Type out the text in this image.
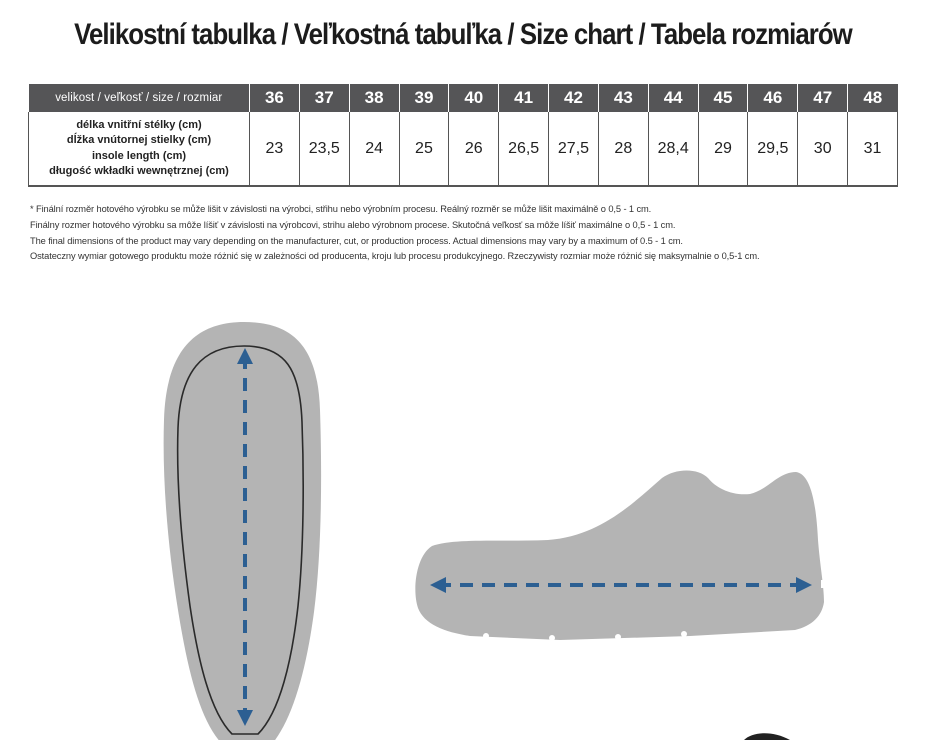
Velikostní tabulka / Veľkostná tabuľka / Size chart / Tabela rozmiarów
velikost / veľkosť / size / rozmiar	36	37	38	39	40	41	42	43	44	45	46	47	48

délka vnitřní stélky (cm)
dĺžka vnútornej stielky (cm)
insole length (cm)
długość wkładki wewnętrznej (cm)	23	23,5	24	25	26	26,5	27,5	28	28,4	29	29,5	30	31
* Finální rozměr hotového výrobku se může lišit v závislosti na výrobci, střihu nebo výrobním procesu. Reálný rozměr se může lišit maximálně o 0,5 - 1 cm.
Finálny rozmer hotového výrobku sa môže líšiť v závislosti na výrobcovi, strihu alebo výrobnom procese. Skutočná veľkosť sa môže líšiť maximálne o 0,5 - 1 cm.
The final dimensions of the product may vary depending on the manufacturer, cut, or production process. Actual dimensions may vary by a maximum of 0.5 - 1 cm.
Ostateczny wymiar gotowego produktu może różnić się w zależności od producenta, kroju lub procesu produkcyjnego. Rzeczywisty rozmiar może różnić się maksymalnie o 0,5-1 cm.
